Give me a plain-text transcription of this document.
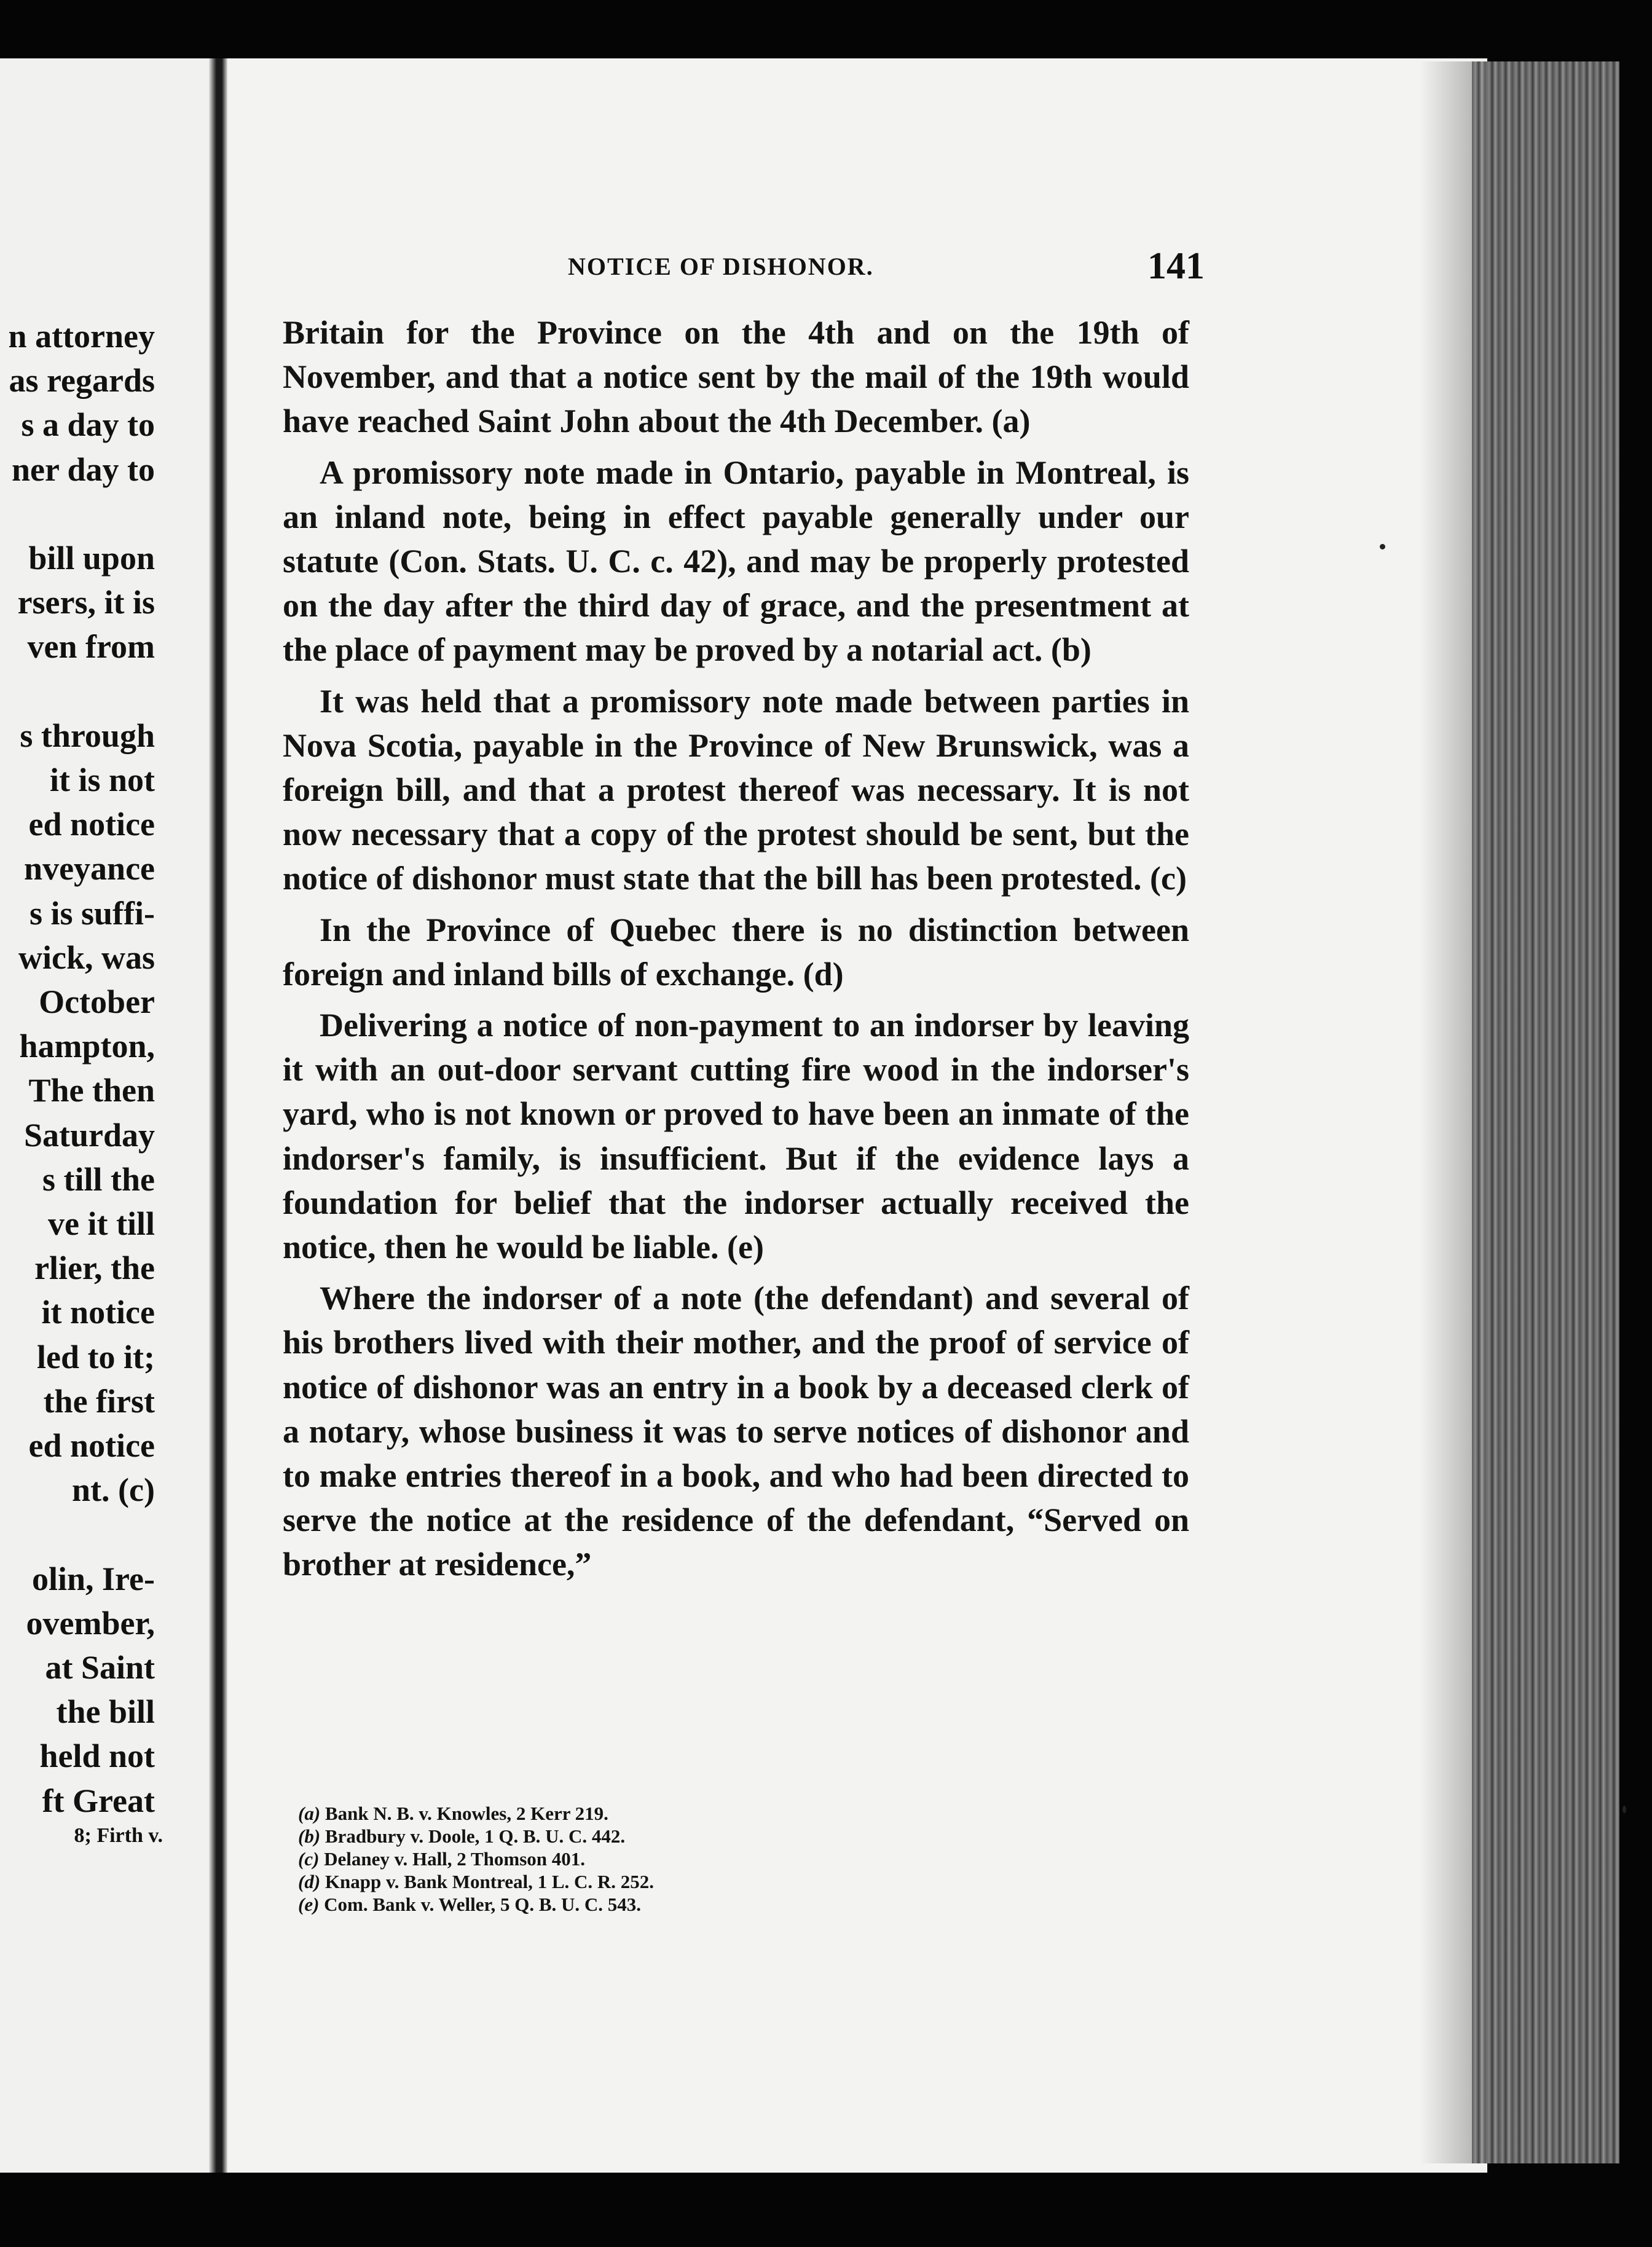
n attorney
as regards
s a day to
ner day to
bill upon
rsers, it is
ven from
s through
it is not
ed notice
nveyance
s is suffi-
wick, was
October
hampton,
The then
Saturday
s till the
ve it till
rlier, the
it notice
led to it;
the first
ed notice
nt. (c)
olin, Ire-
ovember,
at Saint
the bill
held not
ft Great
8; Firth v.
NOTICE OF DISHONOR.	141

Britain for the Province on the 4th and on the 19th of November, and that a notice sent by the mail of the 19th would have reached Saint John about the 4th December. (a)

A promissory note made in Ontario, payable in Montreal, is an inland note, being in effect payable generally under our statute (Con. Stats. U. C. c. 42), and may be properly protested on the day after the third day of grace, and the presentment at the place of payment may be proved by a notarial act. (b)

It was held that a promissory note made between parties in Nova Scotia, payable in the Province of New Brunswick, was a foreign bill, and that a protest thereof was necessary. It is not now necessary that a copy of the protest should be sent, but the notice of dishonor must state that the bill has been protested. (c)

In the Province of Quebec there is no distinction between foreign and inland bills of exchange. (d)

Delivering a notice of non-payment to an indorser by leaving it with an out-door servant cutting fire wood in the indorser's yard, who is not known or proved to have been an inmate of the indorser's family, is insufficient. But if the evidence lays a foundation for belief that the indorser actually received the notice, then he would be liable. (e)

Where the indorser of a note (the defendant) and several of his brothers lived with their mother, and the proof of service of notice of dishonor was an entry in a book by a deceased clerk of a notary, whose business it was to serve notices of dishonor and to make entries thereof in a book, and who had been directed to serve the notice at the residence of the defendant, “Served on brother at residence,”

(a) Bank N. B. v. Knowles, 2 Kerr 219.
(b) Bradbury v. Doole, 1 Q. B. U. C. 442.
(c) Delaney v. Hall, 2 Thomson 401.
(d) Knapp v. Bank Montreal, 1 L. C. R. 252.
(e) Com. Bank v. Weller, 5 Q. B. U. C. 543.
